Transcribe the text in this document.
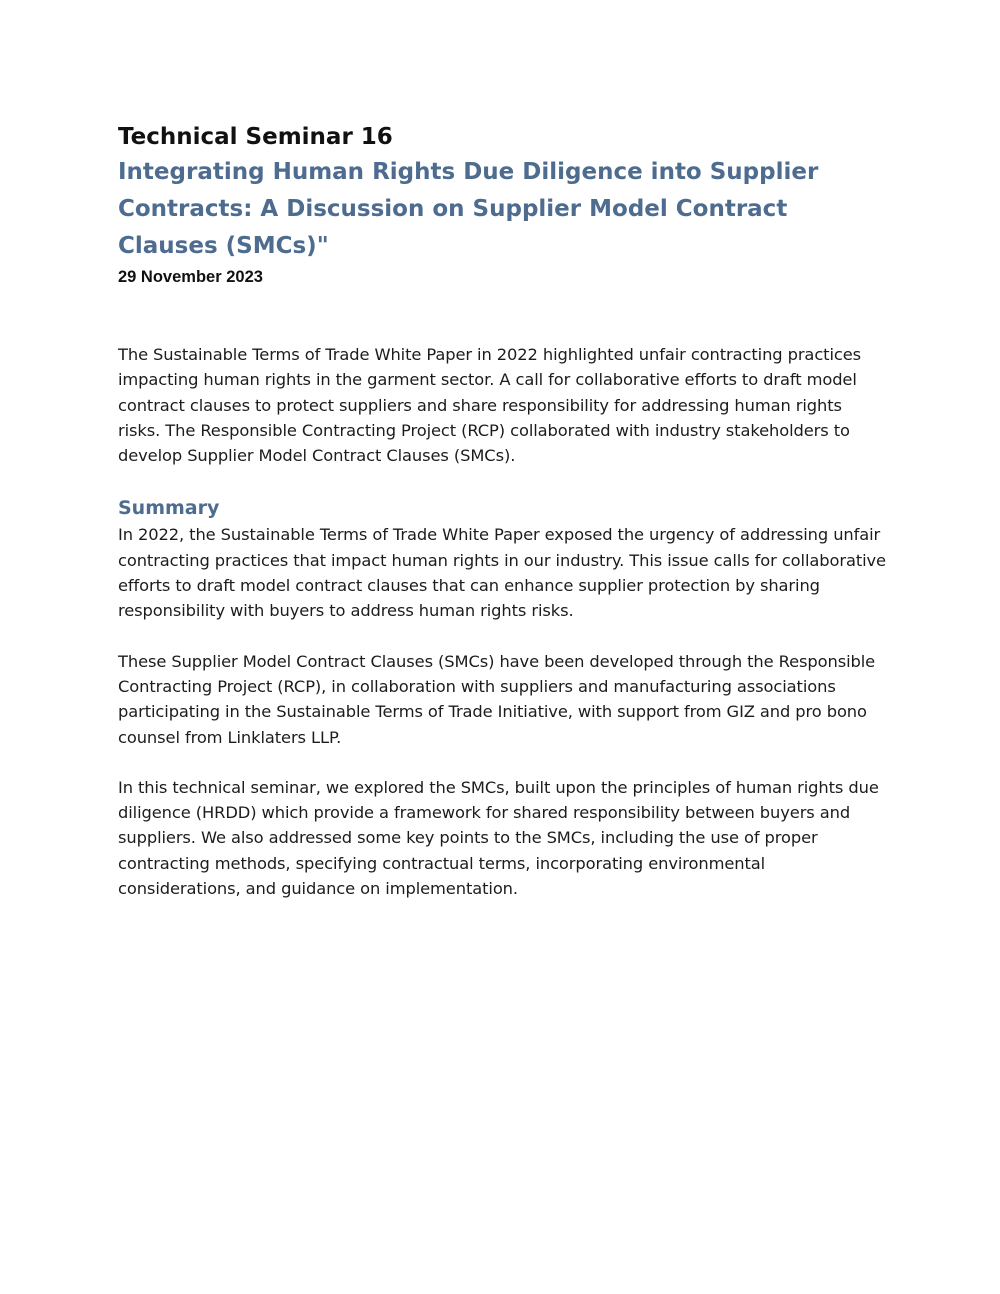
Technical Seminar 16
Integrating Human Rights Due Diligence into Supplier Contracts: A Discussion on Supplier Model Contract Clauses (SMCs)"
29 November 2023

The Sustainable Terms of Trade White Paper in 2022 highlighted unfair contracting practices impacting human rights in the garment sector. A call for collaborative efforts to draft model contract clauses to protect suppliers and share responsibility for addressing human rights risks. The Responsible Contracting Project (RCP) collaborated with industry stakeholders to develop Supplier Model Contract Clauses (SMCs).

Summary

In 2022, the Sustainable Terms of Trade White Paper exposed the urgency of addressing unfair contracting practices that impact human rights in our industry. This issue calls for collaborative efforts to draft model contract clauses that can enhance supplier protection by sharing responsibility with buyers to address human rights risks.

These Supplier Model Contract Clauses (SMCs) have been developed through the Responsible Contracting Project (RCP), in collaboration with suppliers and manufacturing associations participating in the Sustainable Terms of Trade Initiative, with support from GIZ and pro bono counsel from Linklaters LLP.

In this technical seminar, we explored the SMCs, built upon the principles of human rights due diligence (HRDD) which provide a framework for shared responsibility between buyers and suppliers. We also addressed some key points to the SMCs, including the use of proper contracting methods, specifying contractual terms, incorporating environmental considerations, and guidance on implementation.
